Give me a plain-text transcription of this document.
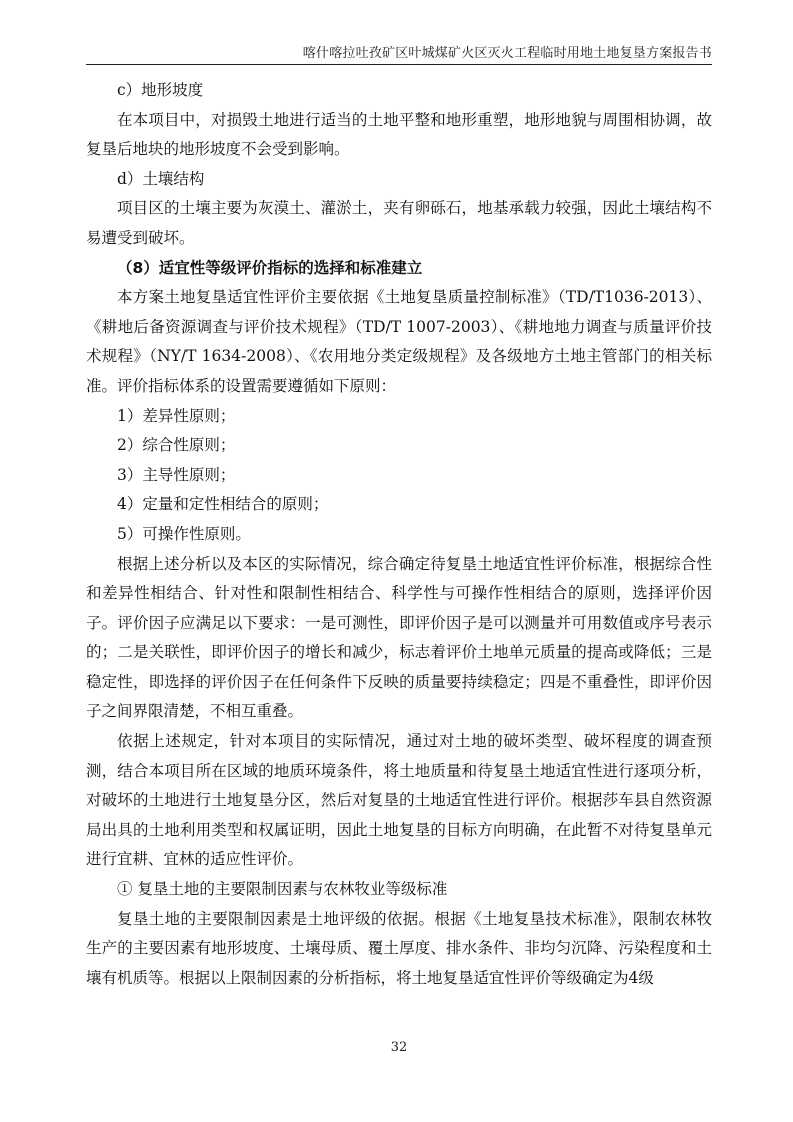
喀什喀拉吐孜矿区叶城煤矿火区灭火工程临时用地土地复垦方案报告书

c）地形坡度

在本项目中，对损毁土地进行适当的土地平整和地形重塑，地形地貌与周围相协调，故复垦后地块的地形坡度不会受到影响。

d）土壤结构

项目区的土壤主要为灰漠土、灌淤土，夹有卵砾石，地基承载力较强，因此土壤结构不易遭受到破坏。

（8）适宜性等级评价指标的选择和标准建立

本方案土地复垦适宜性评价主要依据《土地复垦质量控制标准》（TD/T1036-2013）、《耕地后备资源调查与评价技术规程》（TD/T 1007-2003）、《耕地地力调查与质量评价技术规程》（NY/T 1634-2008）、《农用地分类定级规程》及各级地方土地主管部门的相关标准。评价指标体系的设置需要遵循如下原则：

1）差异性原则；

2）综合性原则；

3）主导性原则；

4）定量和定性相结合的原则；

5）可操作性原则。

根据上述分析以及本区的实际情况，综合确定待复垦土地适宜性评价标准，根据综合性和差异性相结合、针对性和限制性相结合、科学性与可操作性相结合的原则，选择评价因子。评价因子应满足以下要求：一是可测性，即评价因子是可以测量并可用数值或序号表示的；二是关联性，即评价因子的增长和减少，标志着评价土地单元质量的提高或降低；三是稳定性，即选择的评价因子在任何条件下反映的质量要持续稳定；四是不重叠性，即评价因子之间界限清楚，不相互重叠。

依据上述规定，针对本项目的实际情况，通过对土地的破坏类型、破坏程度的调查预测，结合本项目所在区域的地质环境条件，将土地质量和待复垦土地适宜性进行逐项分析，对破坏的土地进行土地复垦分区，然后对复垦的土地适宜性进行评价。根据莎车县自然资源局出具的土地利用类型和权属证明，因此土地复垦的目标方向明确，在此暂不对待复垦单元进行宜耕、宜林的适应性评价。

① 复垦土地的主要限制因素与农林牧业等级标准

复垦土地的主要限制因素是土地评级的依据。根据《土地复垦技术标准》，限制农林牧生产的主要因素有地形坡度、土壤母质、覆土厚度、排水条件、非均匀沉降、污染程度和土壤有机质等。根据以上限制因素的分析指标，将土地复垦适宜性评价等级确定为4级

32
